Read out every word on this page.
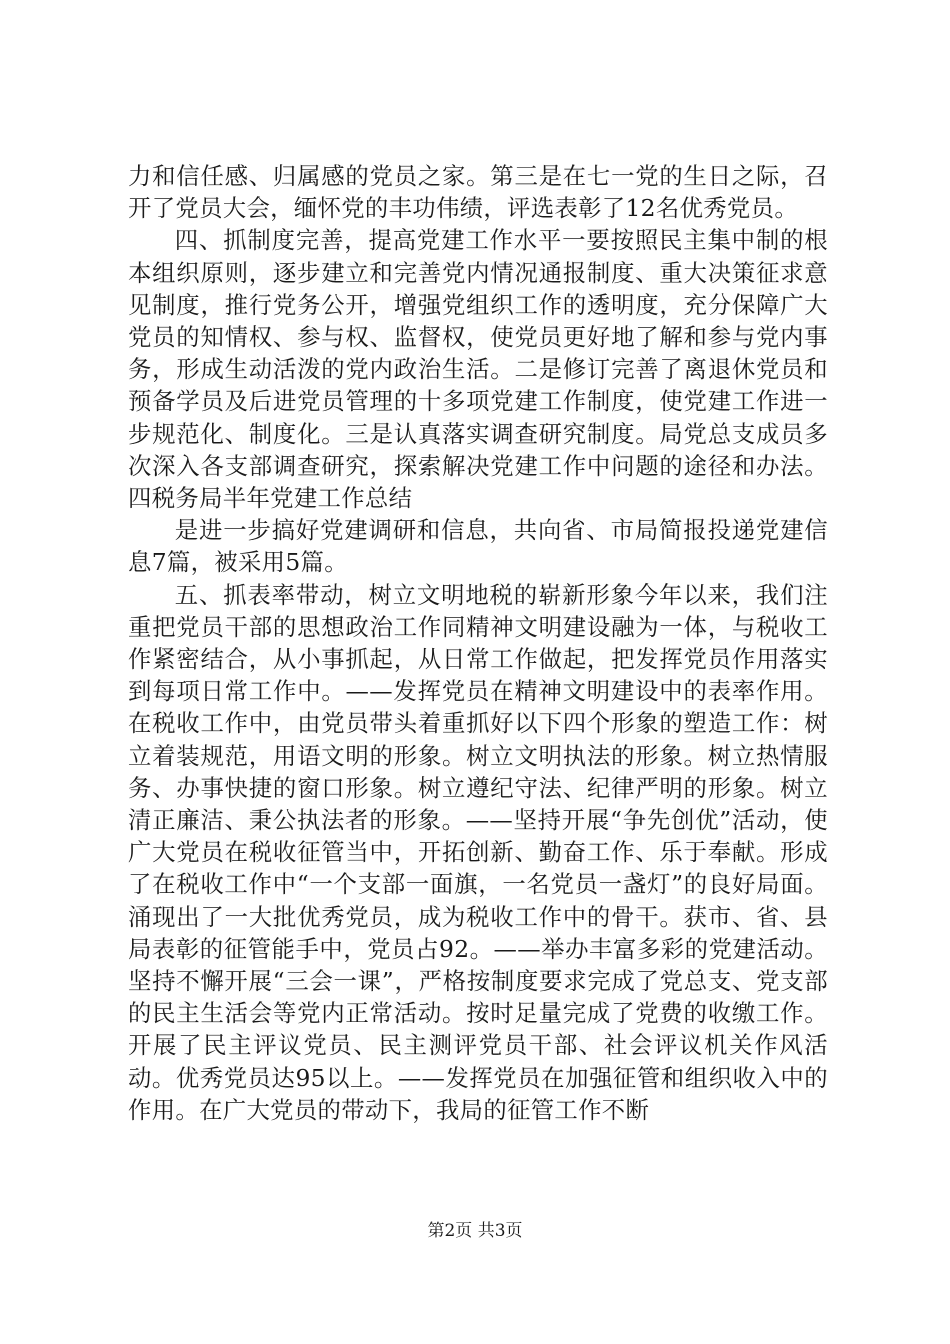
力和信任感、归属感的党员之家。第三是在七一党的生日之际，召开了党员大会，缅怀党的丰功伟绩，评选表彰了12名优秀党员。

四、抓制度完善，提高党建工作水平一要按照民主集中制的根本组织原则，逐步建立和完善党内情况通报制度、重大决策征求意见制度，推行党务公开，增强党组织工作的透明度，充分保障广大党员的知情权、参与权、监督权，使党员更好地了解和参与党内事务，形成生动活泼的党内政治生活。二是修订完善了离退休党员和预备学员及后进党员管理的十多项党建工作制度，使党建工作进一步规范化、制度化。三是认真落实调查研究制度。局党总支成员多次深入各支部调查研究，探索解决党建工作中问题的途径和办法。四税务局半年党建工作总结

是进一步搞好党建调研和信息，共向省、市局简报投递党建信息7篇，被采用5篇。

五、抓表率带动，树立文明地税的崭新形象今年以来，我们注重把党员干部的思想政治工作同精神文明建设融为一体，与税收工作紧密结合，从小事抓起，从日常工作做起，把发挥党员作用落实到每项日常工作中。——发挥党员在精神文明建设中的表率作用。在税收工作中，由党员带头着重抓好以下四个形象的塑造工作：树立着装规范，用语文明的形象。树立文明执法的形象。树立热情服务、办事快捷的窗口形象。树立遵纪守法、纪律严明的形象。树立清正廉洁、秉公执法者的形象。——坚持开展“争先创优”活动，使广大党员在税收征管当中，开拓创新、勤奋工作、乐于奉献。形成了在税收工作中“一个支部一面旗，一名党员一盏灯”的良好局面。涌现出了一大批优秀党员，成为税收工作中的骨干。获市、省、县局表彰的征管能手中，党员占92。——举办丰富多彩的党建活动。坚持不懈开展“三会一课”，严格按制度要求完成了党总支、党支部的民主生活会等党内正常活动。按时足量完成了党费的收缴工作。开展了民主评议党员、民主测评党员干部、社会评议机关作风活动。优秀党员达95以上。——发挥党员在加强征管和组织收入中的作用。在广大党员的带动下，我局的征管工作不断

第2页 共3页
